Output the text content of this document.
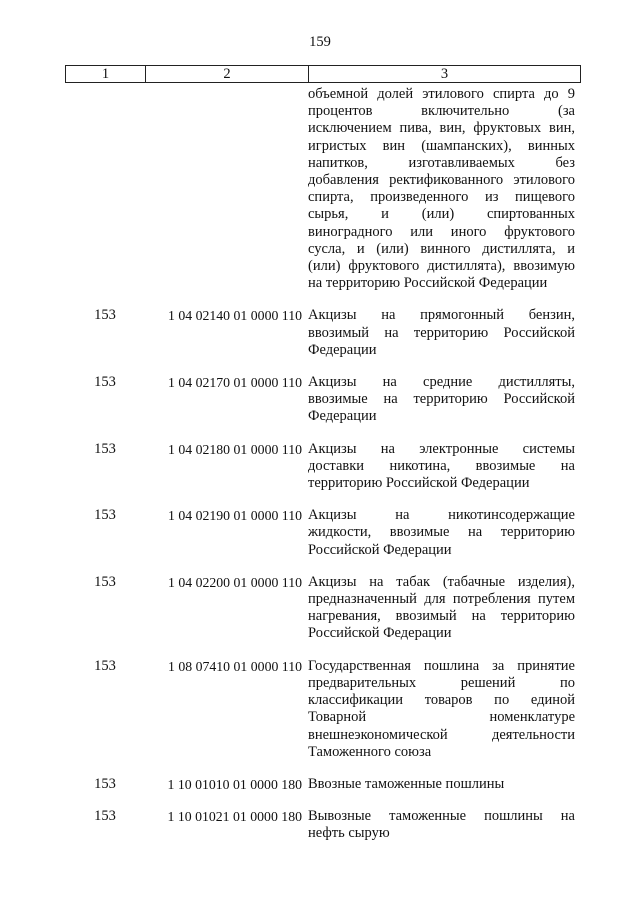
159
1	2	3
объемной долей этилового спирта до 9
процентов включительно (за
исключением пива, вин, фруктовых вин,
игристых вин (шампанских), винных
напитков, изготавливаемых без
добавления ректификованного этилового
спирта, произведенного из пищевого
сырья, и (или) спиртованных
виноградного или иного фруктового
сусла, и (или) винного дистиллята, и
(или) фруктового дистиллята), ввозимую
на территорию Российской Федерации
153	1 04 02140 01 0000 110 Акцизы на прямогонный бензин,
ввозимый на территорию Российской
Федерации
153	1 04 02170 01 0000 110 Акцизы на средние дистилляты,
ввозимые на территорию Российской
Федерации
153	1 04 02180 01 0000 110 Акцизы на электронные системы
доставки никотина, ввозимые на
территорию Российской Федерации
153	1 04 02190 01 0000 110 Акцизы на никотинсодержащие
жидкости, ввозимые на территорию
Российской Федерации
153	1 04 02200 01 0000 110 Акцизы на табак (табачные изделия),
предназначенный для потребления путем
нагревания, ввозимый на территорию
Российской Федерации
153	1 08 07410 01 0000 110 Государственная пошлина за принятие
предварительных решений по
классификации товаров по единой
Товарной номенклатуре
внешнеэкономической деятельности
Таможенного союза
153	1 10 01010 01 0000 180 Ввозные таможенные пошлины
153	1 10 01021 01 0000 180 Вывозные таможенные пошлины на
нефть сырую
